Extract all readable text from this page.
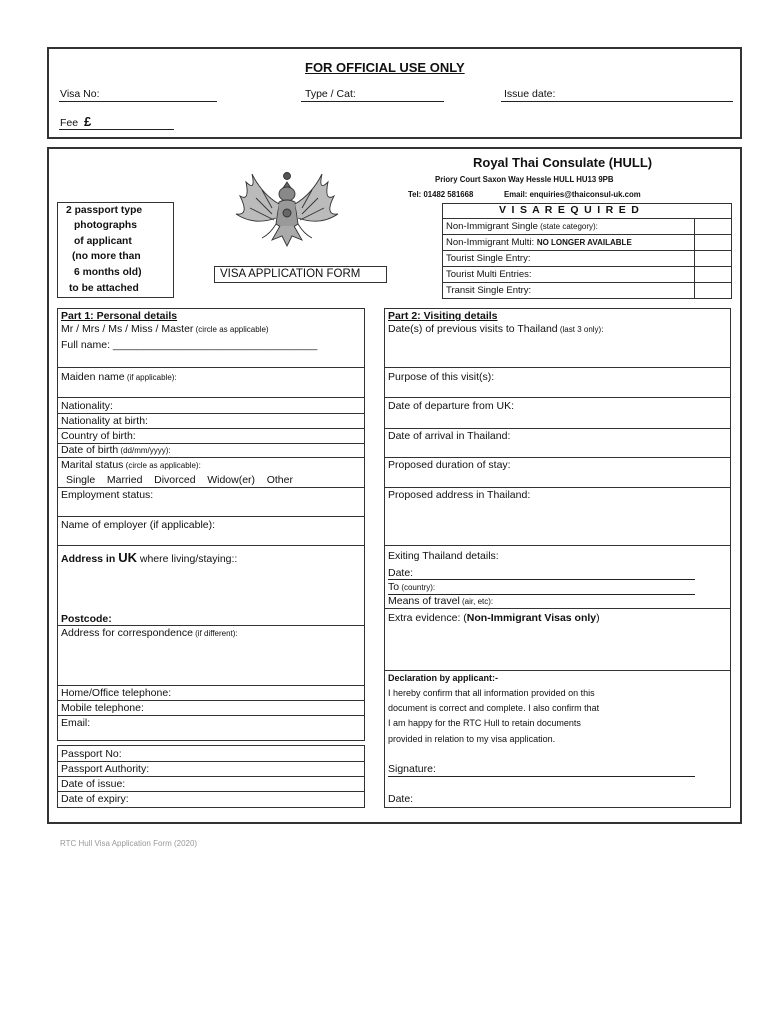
FOR OFFICIAL USE ONLY
Visa No:	Type / Cat:	Issue date:
Fee £
Royal Thai Consulate (HULL)
Priory Court Saxon Way Hessle HULL HU13 9PB
Tel: 01482 581668	Email: enquiries@thaiconsul-uk.com
2 passport type
photographs
of applicant
(no more than
6 months old)
to be attached
VISA APPLICATION FORM
V I S A R E Q U I R E D
Non-Immigrant Single (state category):
Non-Immigrant Multi: NO LONGER AVAILABLE
Tourist Single Entry:
Tourist Multi Entries:
Transit Single Entry:
Part 1: Personal details
Mr / Mrs / Ms / Miss / Master (circle as applicable)
Full name: ___________________________________
Maiden name (if applicable):
Nationality:
Nationality at birth:
Country of birth:
Date of birth (dd/mm/yyyy):
Marital status (circle as applicable):
Single    Married    Divorced    Widow(er)    Other
Employment status:
Name of employer (if applicable):
Address in UK where living/staying::
Postcode:
Address for correspondence (if different):
Home/Office telephone:
Mobile telephone:
Email:
Passport No:
Passport Authority:
Date of issue:
Date of expiry:
Part 2: Visiting details
Date(s) of previous visits to Thailand (last 3 only):
Purpose of this visit(s):
Date of departure from UK:
Date of arrival in Thailand:
Proposed duration of stay:
Proposed address in Thailand:
Exiting Thailand details:
Date:
To (country):
Means of travel (air, etc):
Extra evidence: (Non-Immigrant Visas only)
Declaration by applicant:-
I hereby confirm that all information provided on this
document is correct and complete. I also confirm that
I am happy for the RTC Hull to retain documents
provided in relation to my visa application.
Signature:
Date:
RTC Hull Visa Application Form (2020)
